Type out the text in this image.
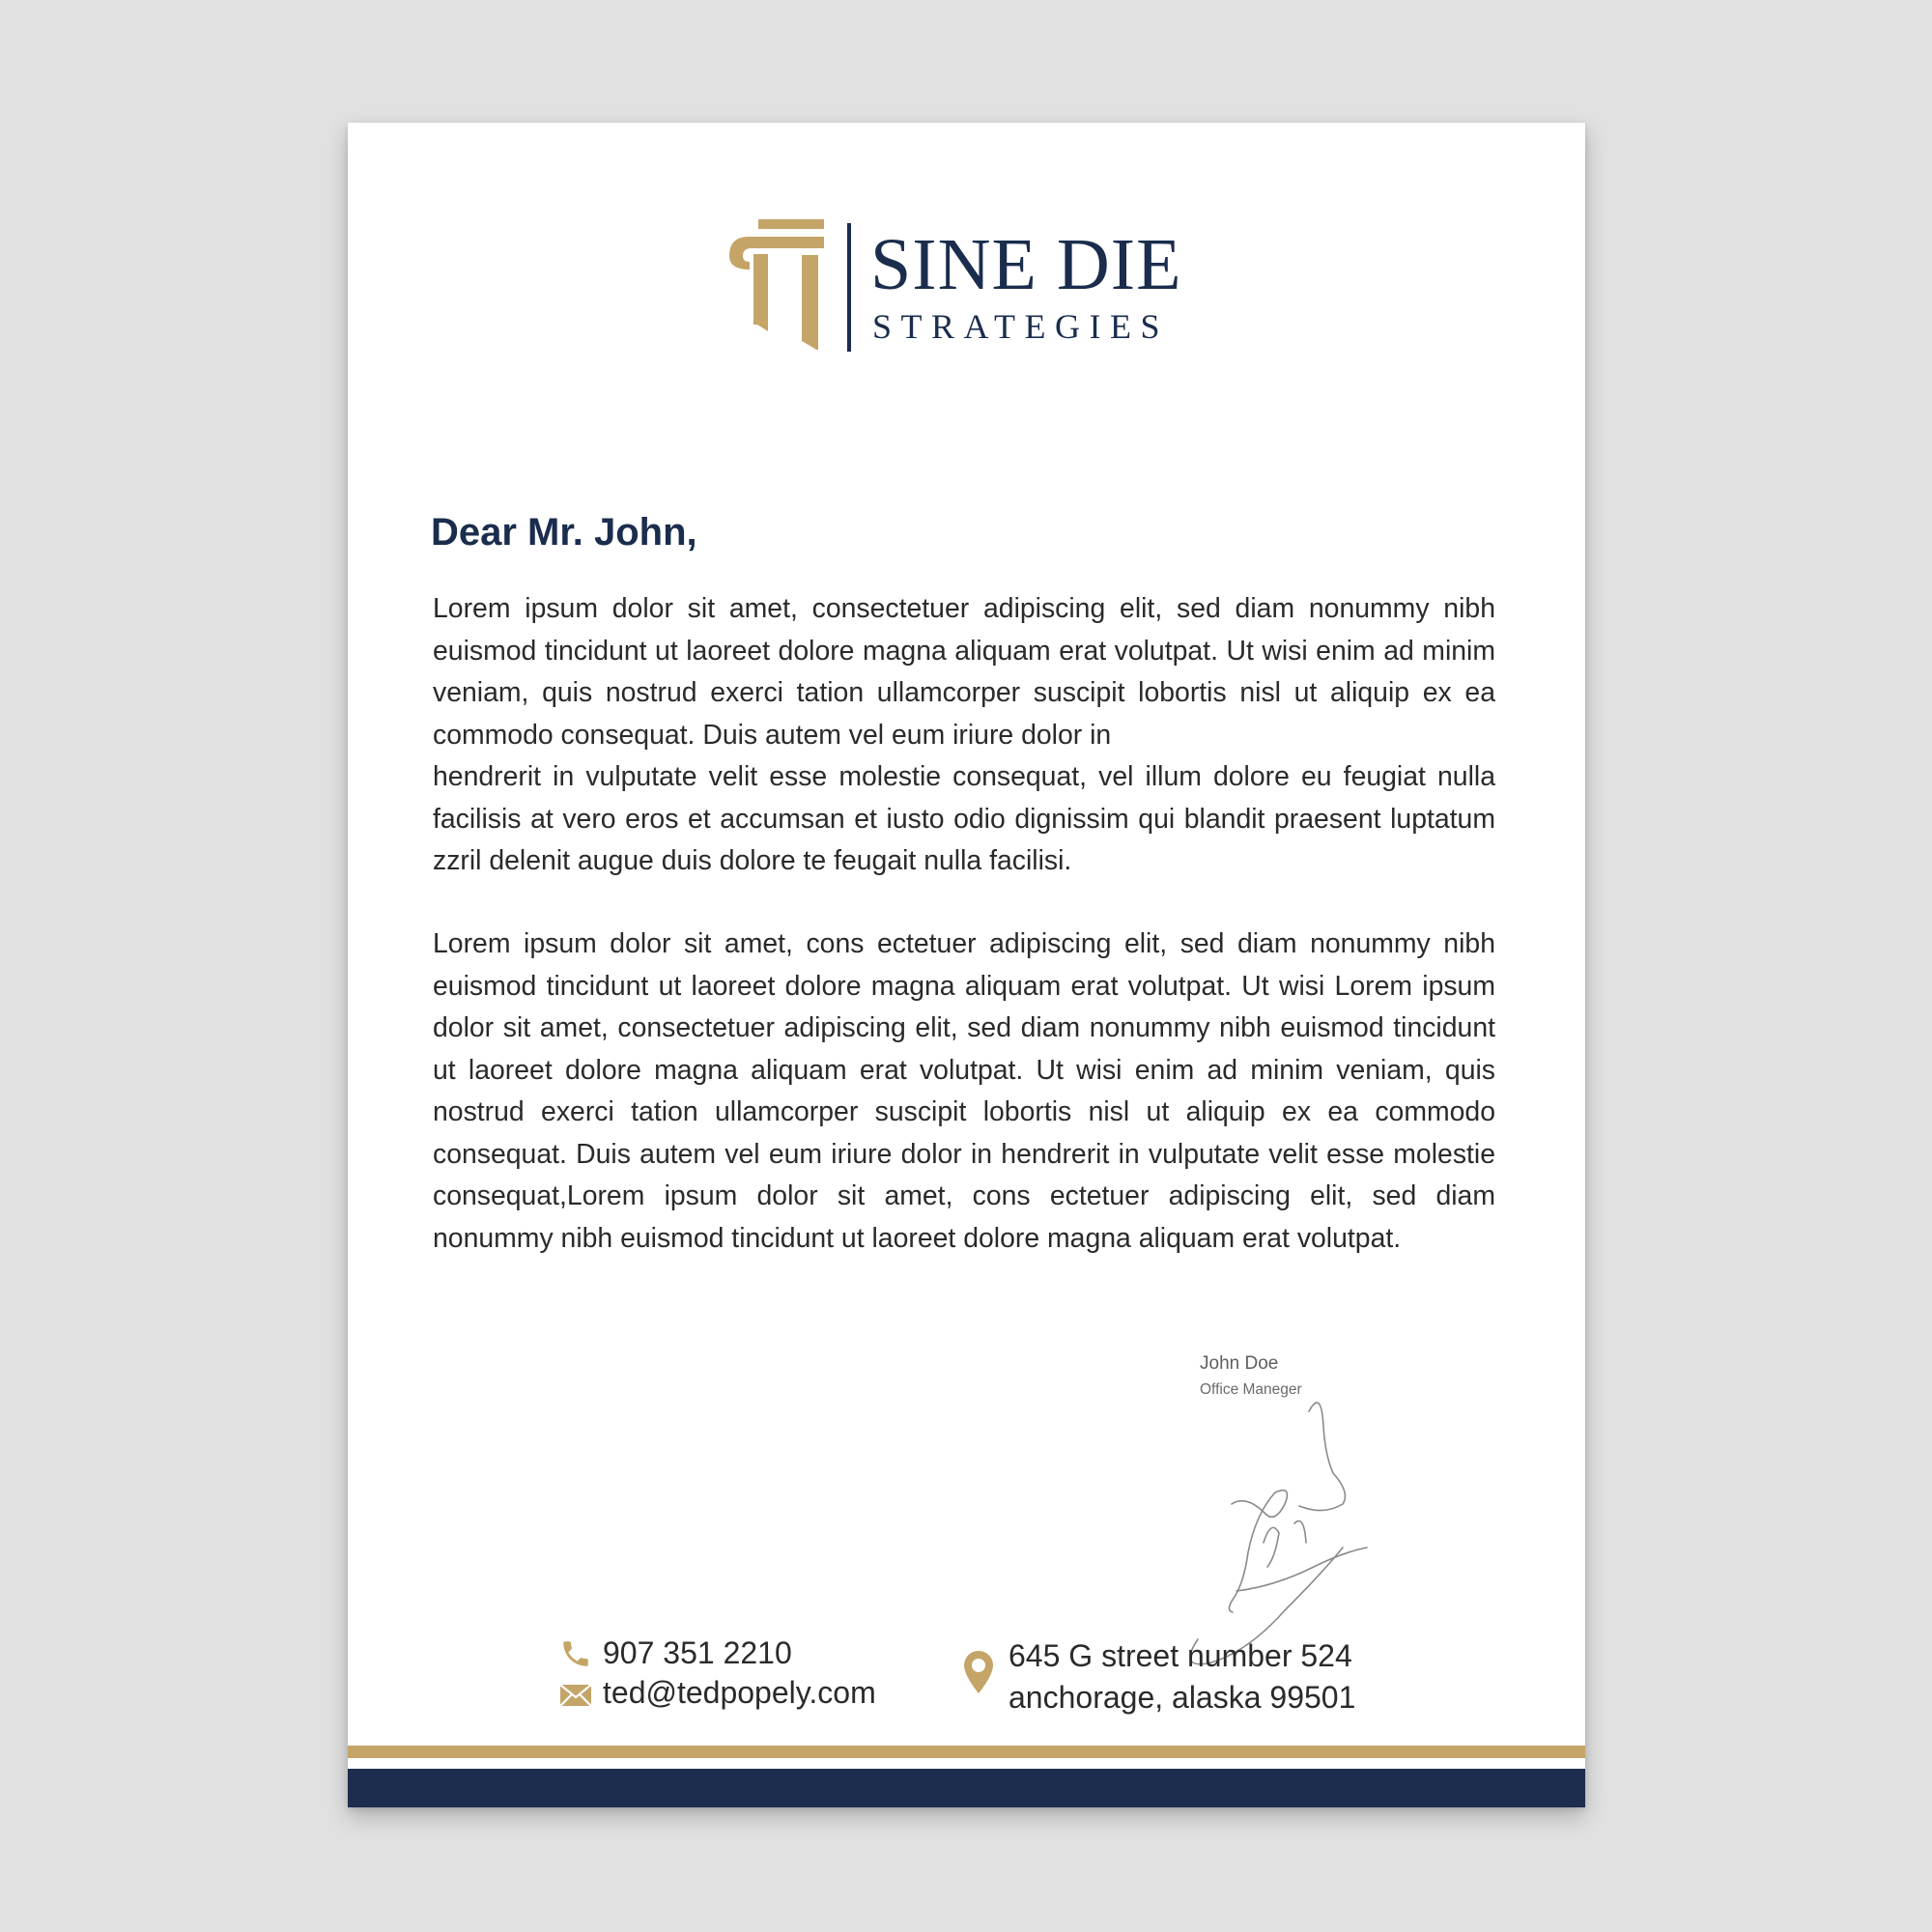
SINE DIE
STRATEGIES
Dear Mr. John,

Lorem ipsum dolor sit amet, consectetuer adipiscing elit, sed diam nonummy nibh euismod tincidunt ut laoreet dolore magna aliquam erat volutpat. Ut wisi enim ad minim veniam, quis nostrud exerci tation ullamcorper suscipit lobortis nisl ut aliquip ex ea commodo consequat. Duis autem vel eum iriure dolor in
hendrerit in vulputate velit esse molestie consequat, vel illum dolore eu feugiat nulla facilisis at vero eros et accumsan et iusto odio dignissim qui blandit praesent luptatum zzril delenit augue duis dolore te feugait nulla facilisi.

Lorem ipsum dolor sit amet, cons ectetuer adipiscing elit, sed diam nonummy nibh euismod tincidunt ut laoreet dolore magna aliquam erat volutpat. Ut wisi Lorem ipsum dolor sit amet, consectetuer adipiscing elit, sed diam nonummy nibh euismod tincidunt ut laoreet dolore magna aliquam erat volutpat. Ut wisi enim ad minim veniam, quis nostrud exerci tation ullamcorper suscipit lobortis nisl ut aliquip ex ea commodo consequat. Duis autem vel eum iriure dolor in hendrerit in vulputate velit esse molestie consequat,Lorem ipsum dolor sit amet, cons ectetuer adipiscing elit, sed diam nonummy nibh euismod tincidunt ut laoreet dolore magna aliquam erat volutpat.

John Doe
Office Maneger
907 351 2210
ted@tedpopely.com
645 G street number 524
anchorage, alaska 99501
